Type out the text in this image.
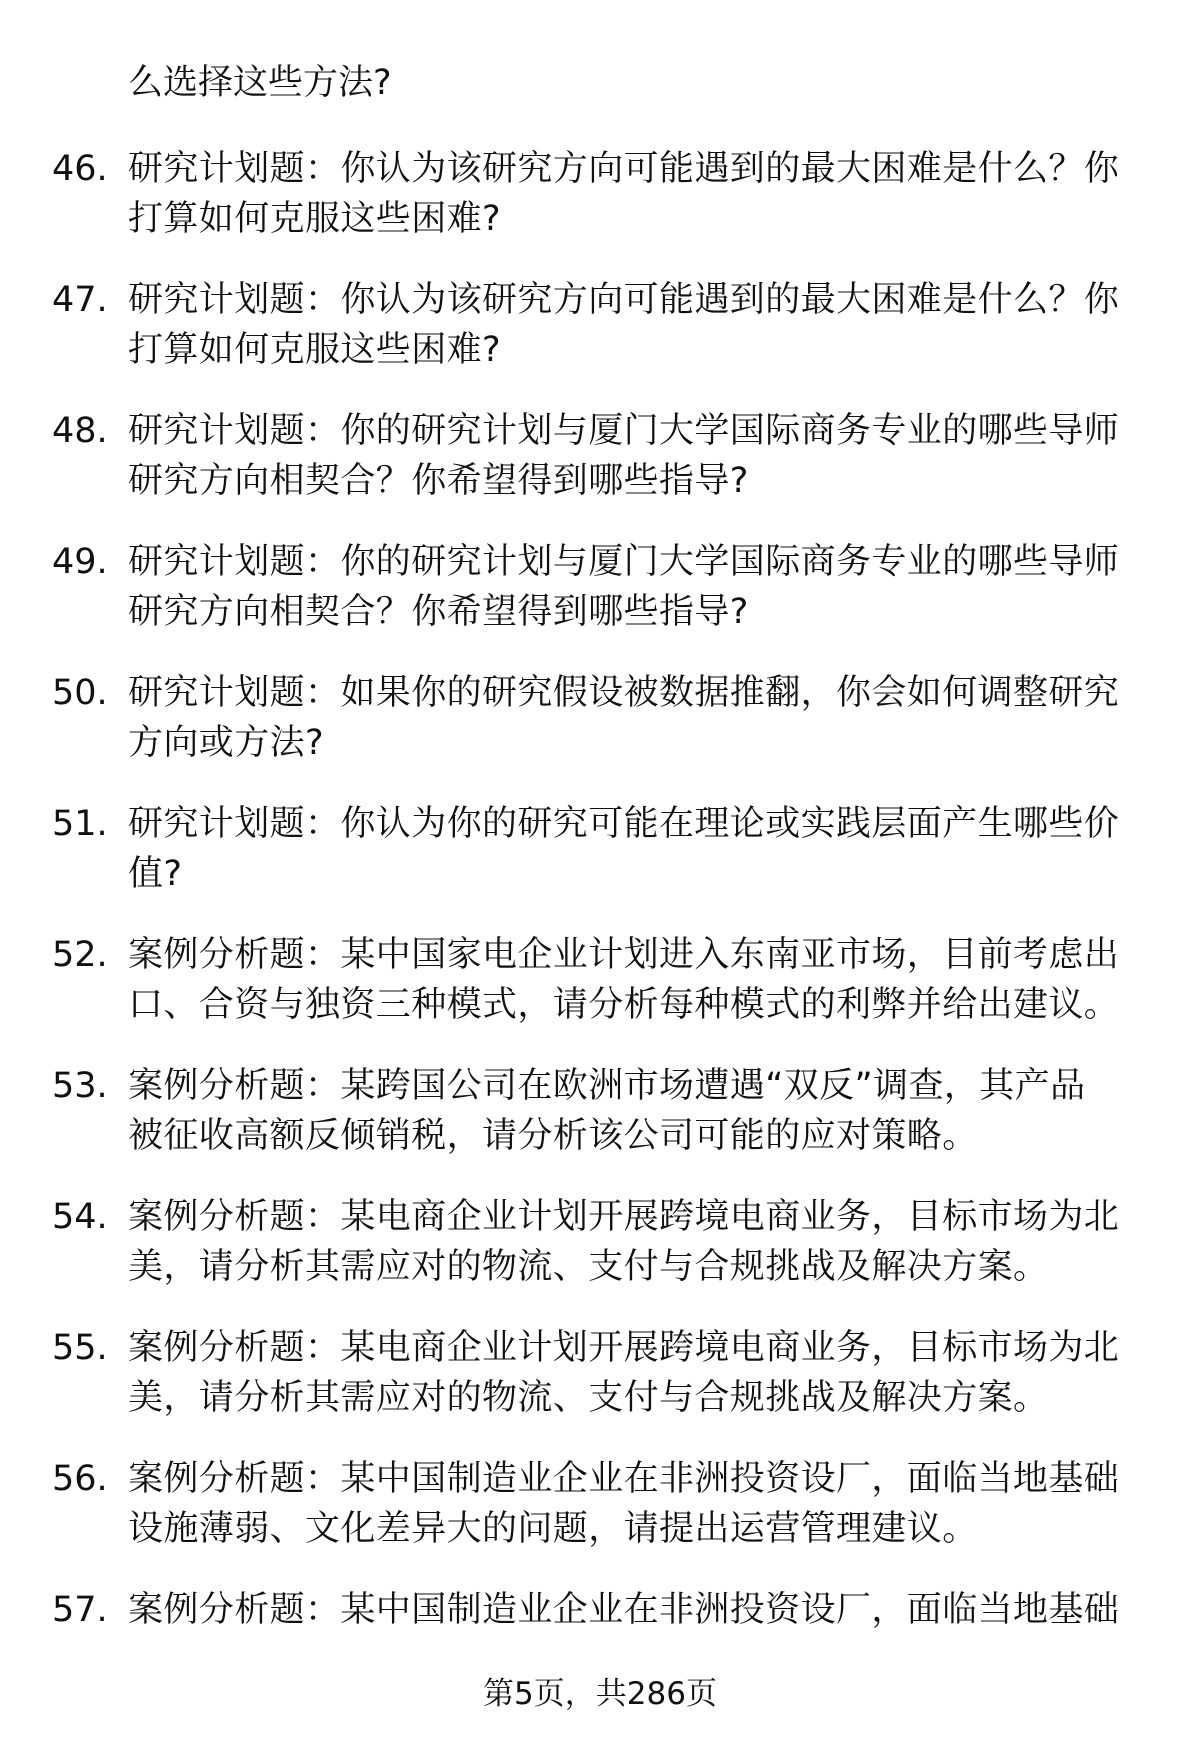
么选择这些方法?
46. 研究计划题：你认为该研究方向可能遇到的最大困难是什么？你
打算如何克服这些困难?
47. 研究计划题：你认为该研究方向可能遇到的最大困难是什么？你
打算如何克服这些困难?
48. 研究计划题：你的研究计划与厦门大学国际商务专业的哪些导师
研究方向相契合？你希望得到哪些指导?
49. 研究计划题：你的研究计划与厦门大学国际商务专业的哪些导师
研究方向相契合？你希望得到哪些指导?
50. 研究计划题：如果你的研究假设被数据推翻，你会如何调整研究
方向或方法?
51. 研究计划题：你认为你的研究可能在理论或实践层面产生哪些价
值?
52. 案例分析题：某中国家电企业计划进入东南亚市场，目前考虑出
口、合资与独资三种模式，请分析每种模式的利弊并给出建议。
53. 案例分析题：某跨国公司在欧洲市场遭遇“双反”调查，其产品
被征收高额反倾销税，请分析该公司可能的应对策略。
54. 案例分析题：某电商企业计划开展跨境电商业务，目标市场为北
美，请分析其需应对的物流、支付与合规挑战及解决方案。
55. 案例分析题：某电商企业计划开展跨境电商业务，目标市场为北
美，请分析其需应对的物流、支付与合规挑战及解决方案。
56. 案例分析题：某中国制造业企业在非洲投资设厂，面临当地基础
设施薄弱、文化差异大的问题，请提出运营管理建议。
57. 案例分析题：某中国制造业企业在非洲投资设厂，面临当地基础
第5页，共286页
